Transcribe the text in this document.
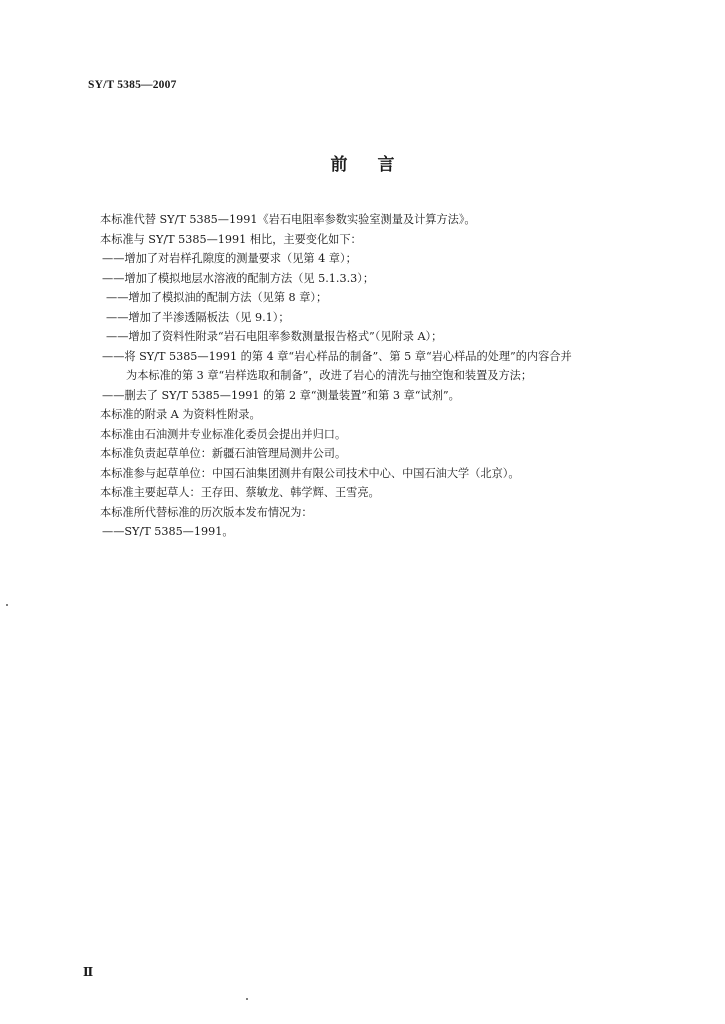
SY/T 5385—2007
前 言
本标准代替 SY/T 5385—1991《岩石电阻率参数实验室测量及计算方法》。
本标准与 SY/T 5385—1991 相比，主要变化如下：
——增加了对岩样孔隙度的测量要求（见第 4 章）；
——增加了模拟地层水溶液的配制方法（见 5.1.3.3）；
——增加了模拟油的配制方法（见第 8 章）；
——增加了半渗透隔板法（见 9.1）；
——增加了资料性附录“岩石电阻率参数测量报告格式”（见附录 A）；
——将 SY/T 5385—1991 的第 4 章“岩心样品的制备”、第 5 章“岩心样品的处理”的内容合并
为本标准的第 3 章“岩样选取和制备”，改进了岩心的清洗与抽空饱和装置及方法；
——删去了 SY/T 5385—1991 的第 2 章“测量装置”和第 3 章“试剂”。
本标准的附录 A 为资料性附录。
本标准由石油测井专业标准化委员会提出并归口。
本标准负责起草单位：新疆石油管理局测井公司。
本标准参与起草单位：中国石油集团测井有限公司技术中心、中国石油大学（北京）。
本标准主要起草人：王存田、蔡敏龙、韩学辉、王雪亮。
本标准所代替标准的历次版本发布情况为：
——SY/T 5385—1991。
Ⅱ
